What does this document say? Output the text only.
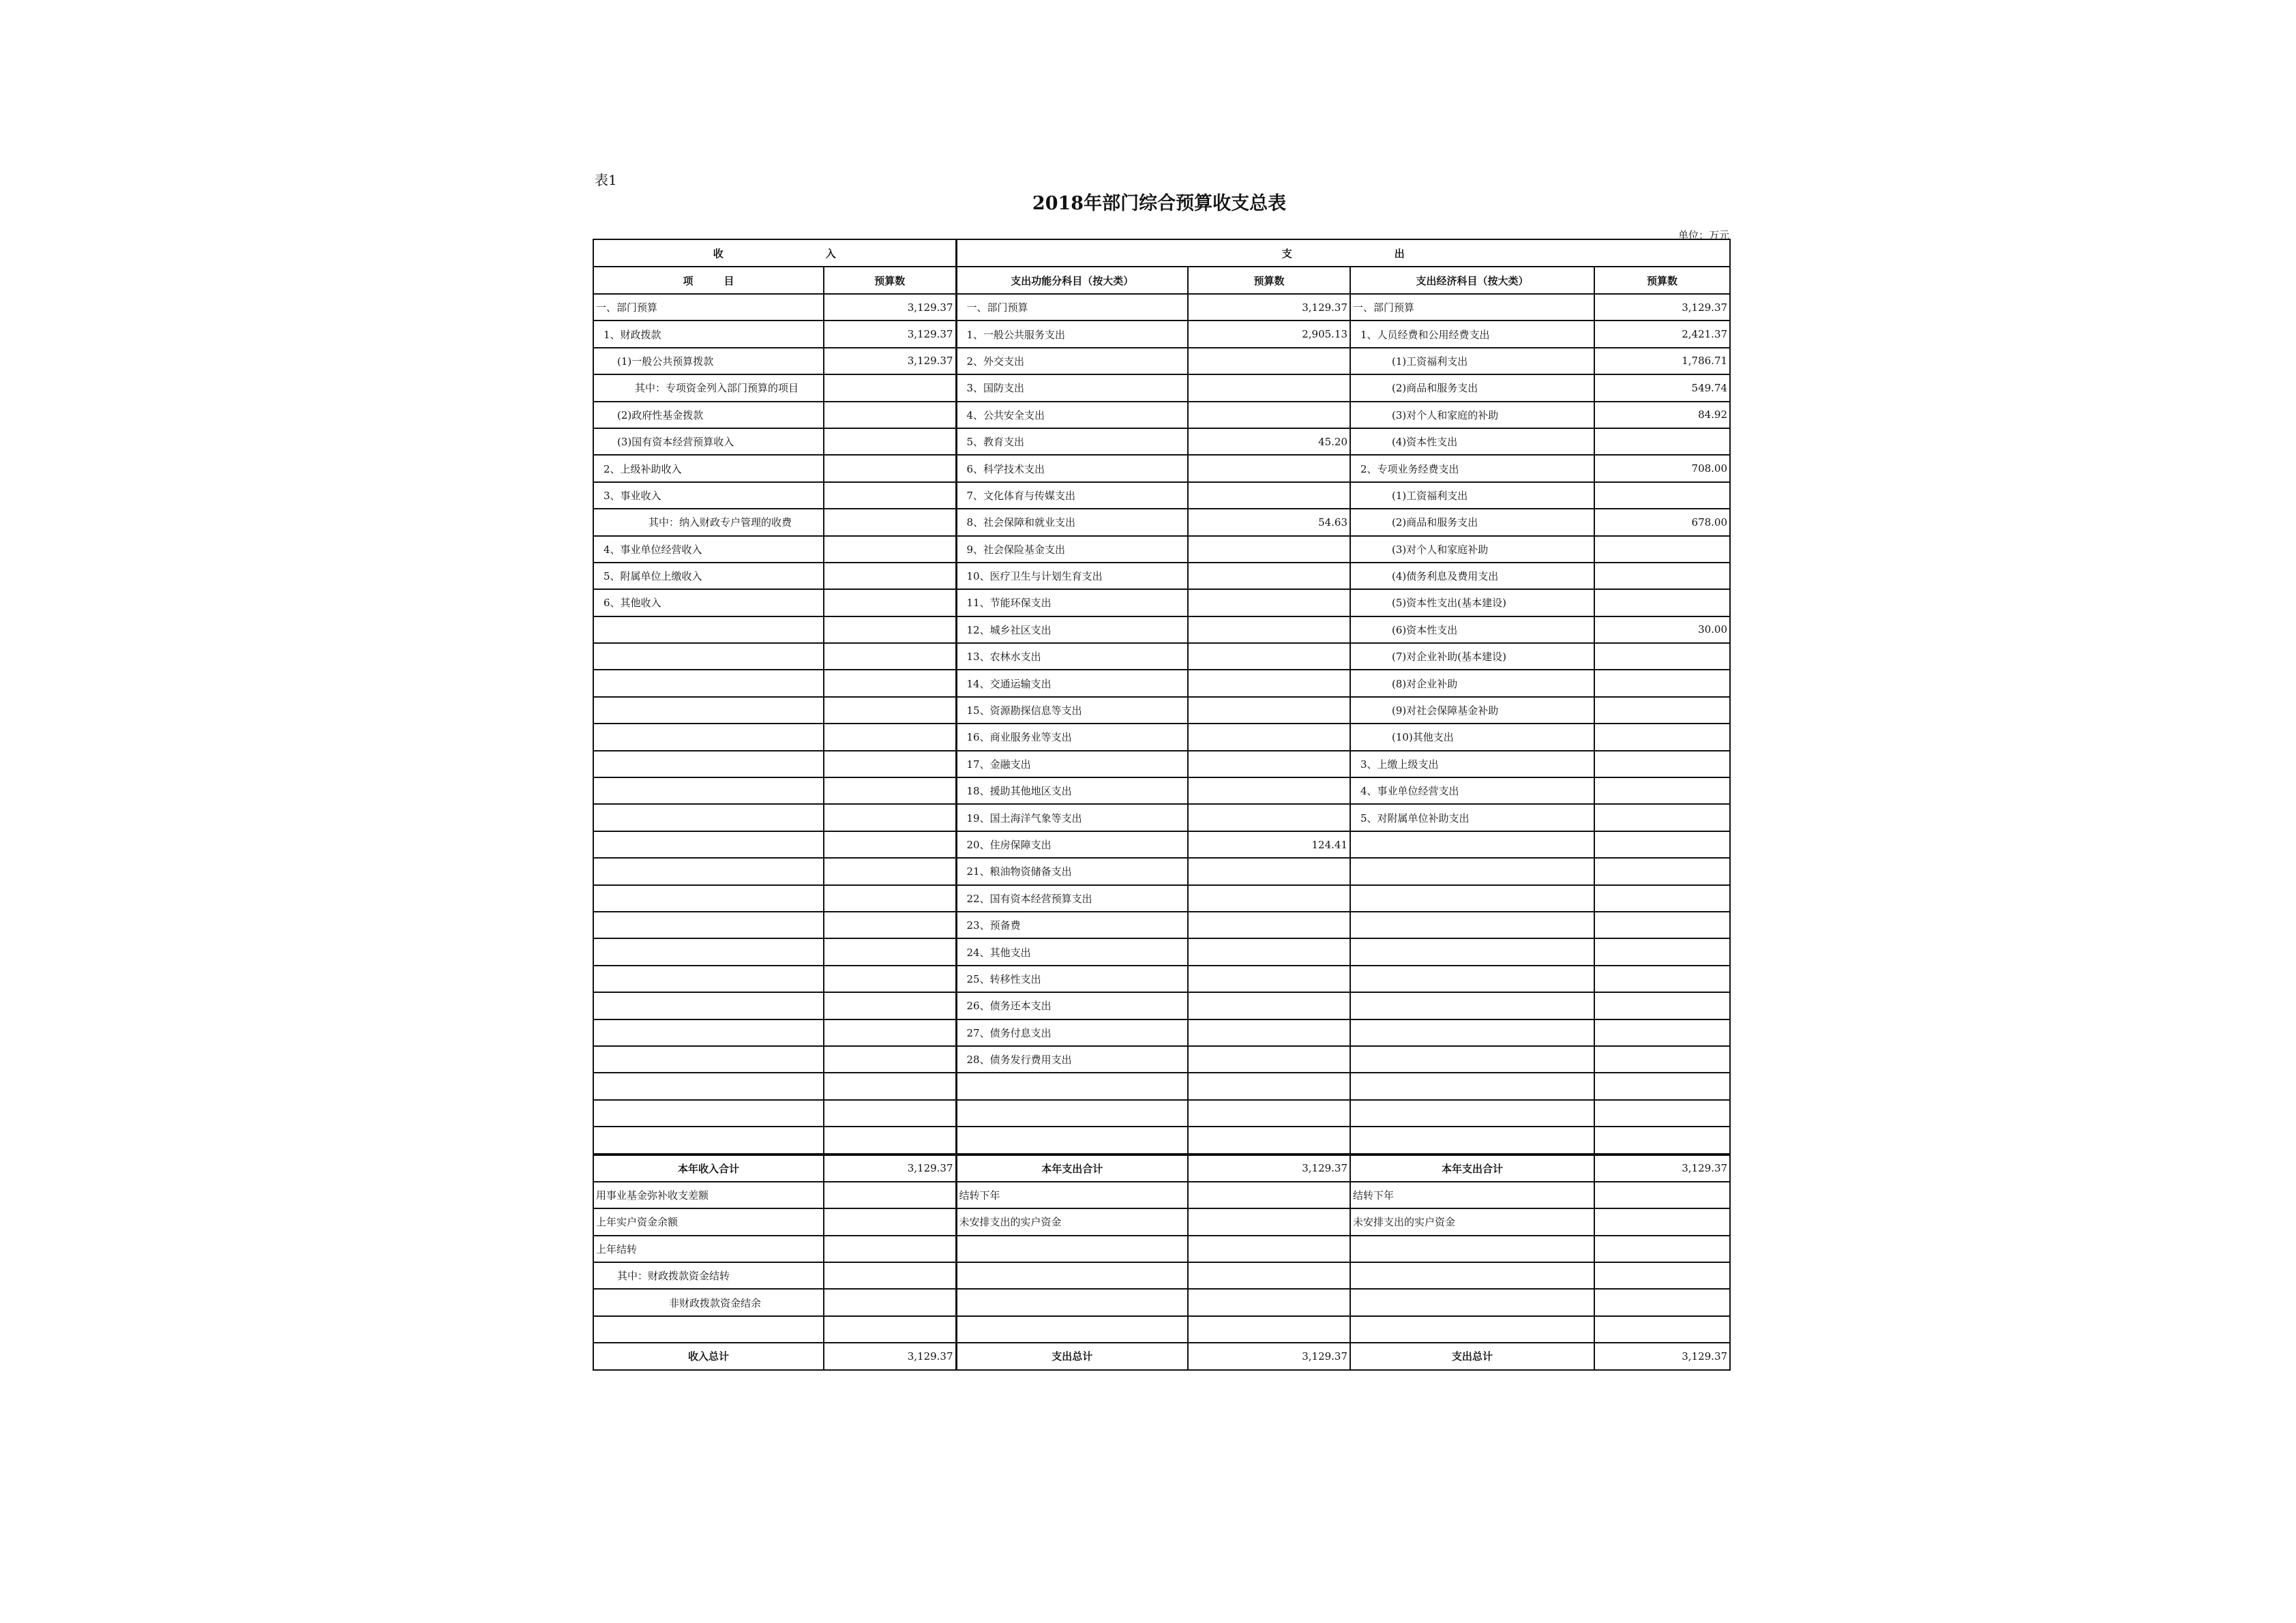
表1
2018年部门综合预算收支总表
单位：万元
收　　　　　　　　　　入		支　　　　　　　　　　出			
项　　　目	预算数	支出功能分科目（按大类）	预算数	支出经济科目（按大类）	预算数
一、部门预算	3,129.37	一、部门预算	3,129.37	一、部门预算	3,129.37
1、财政拨款	3,129.37	1、一般公共服务支出	2,905.13	1、人员经费和公用经费支出	2,421.37
(1)一般公共预算拨款	3,129.37	2、外交支出		(1)工资福利支出	1,786.71
其中：专项资金列入部门预算的项目		3、国防支出		(2)商品和服务支出	549.74
(2)政府性基金拨款		4、公共安全支出		(3)对个人和家庭的补助	84.92
(3)国有资本经营预算收入		5、教育支出	45.20	(4)资本性支出	
2、上级补助收入		6、科学技术支出		2、专项业务经费支出	708.00
3、事业收入		7、文化体育与传媒支出		(1)工资福利支出	
其中：纳入财政专户管理的收费		8、社会保障和就业支出	54.63	(2)商品和服务支出	678.00
4、事业单位经营收入		9、社会保险基金支出		(3)对个人和家庭补助	
5、附属单位上缴收入		10、医疗卫生与计划生育支出		(4)债务利息及费用支出	
6、其他收入		11、节能环保支出		(5)资本性支出(基本建设)	
		12、城乡社区支出		(6)资本性支出	30.00
		13、农林水支出		(7)对企业补助(基本建设)	
		14、交通运输支出		(8)对企业补助	
		15、资源勘探信息等支出		(9)对社会保障基金补助	
		16、商业服务业等支出		(10)其他支出	
		17、金融支出		3、上缴上级支出	
		18、援助其他地区支出		4、事业单位经营支出	
		19、国土海洋气象等支出		5、对附属单位补助支出	
		20、住房保障支出	124.41		
		21、粮油物资储备支出			
		22、国有资本经营预算支出			
		23、预备费			
		24、其他支出			
		25、转移性支出			
		26、债务还本支出			
		27、债务付息支出			
		28、债务发行费用支出			

本年收入合计	3,129.37	本年支出合计	3,129.37	本年支出合计	3,129.37
用事业基金弥补收支差额		结转下年		结转下年	
上年实户资金余额		未安排支出的实户资金		未安排支出的实户资金	
上年结转					
其中：财政拨款资金结转					
非财政拨款资金结余					

收入总计	3,129.37	支出总计	3,129.37	支出总计	3,129.37
